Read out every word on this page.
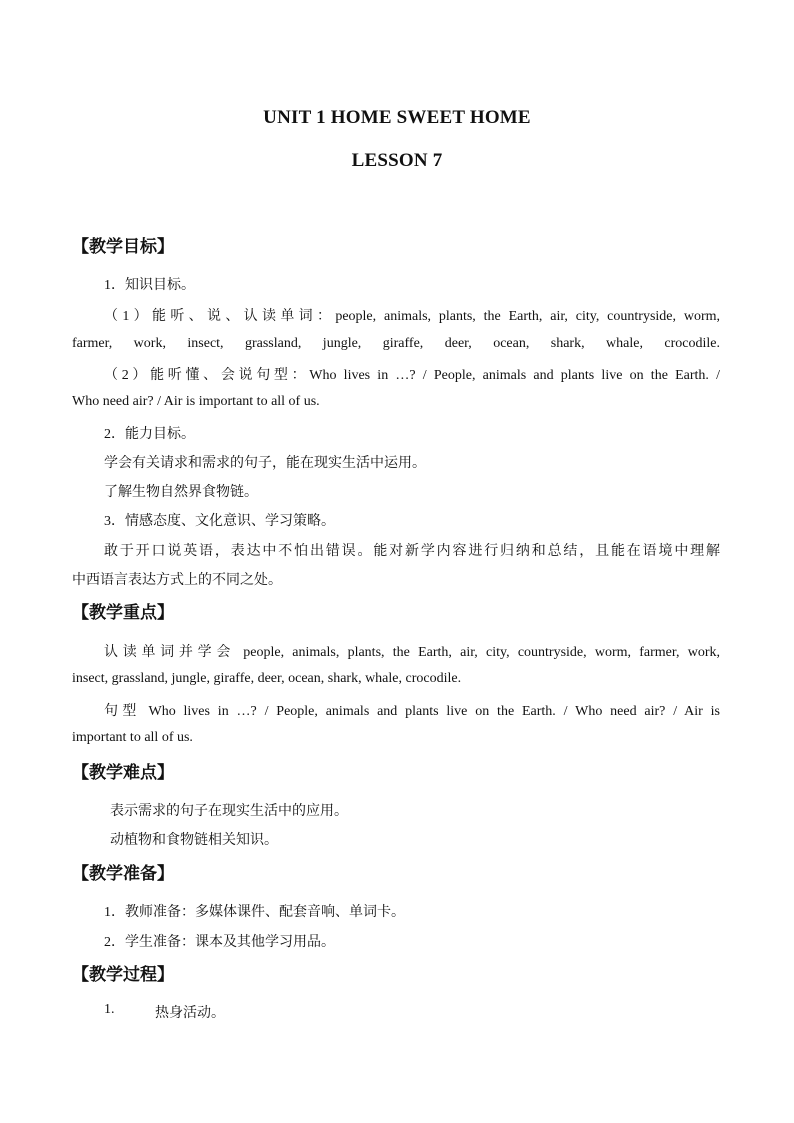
UNIT 1 HOME SWEET HOME
LESSON 7
【教学目标】
1．知识目标。
（1）能听、说、认读单词：people, animals, plants, the Earth, air, city, countryside, worm,
farmer, work, insect, grassland, jungle, giraffe, deer, ocean, shark, whale, crocodile.
（2）能听懂、会说句型：Who lives in …? / People, animals and plants live on the Earth. /
Who need air? / Air is important to all of us.
2．能力目标。
学会有关请求和需求的句子，能在现实生活中运用。
了解生物自然界食物链。
3．情感态度、文化意识、学习策略。
敢于开口说英语，表达中不怕出错误。能对新学内容进行归纳和总结，且能在语境中理解
中西语言表达方式上的不同之处。
【教学重点】
认读单词并学会 people, animals, plants, the Earth, air, city, countryside, worm, farmer, work,
insect, grassland, jungle, giraffe, deer, ocean, shark, whale, crocodile.
句型 Who lives in …? / People, animals and plants live on the Earth. / Who need air? / Air is
important to all of us.
【教学难点】
表示需求的句子在现实生活中的应用。
动植物和食物链相关知识。
【教学准备】
1．教师准备：多媒体课件、配套音响、单词卡。
2．学生准备：课本及其他学习用品。
【教学过程】
1.	热身活动。
